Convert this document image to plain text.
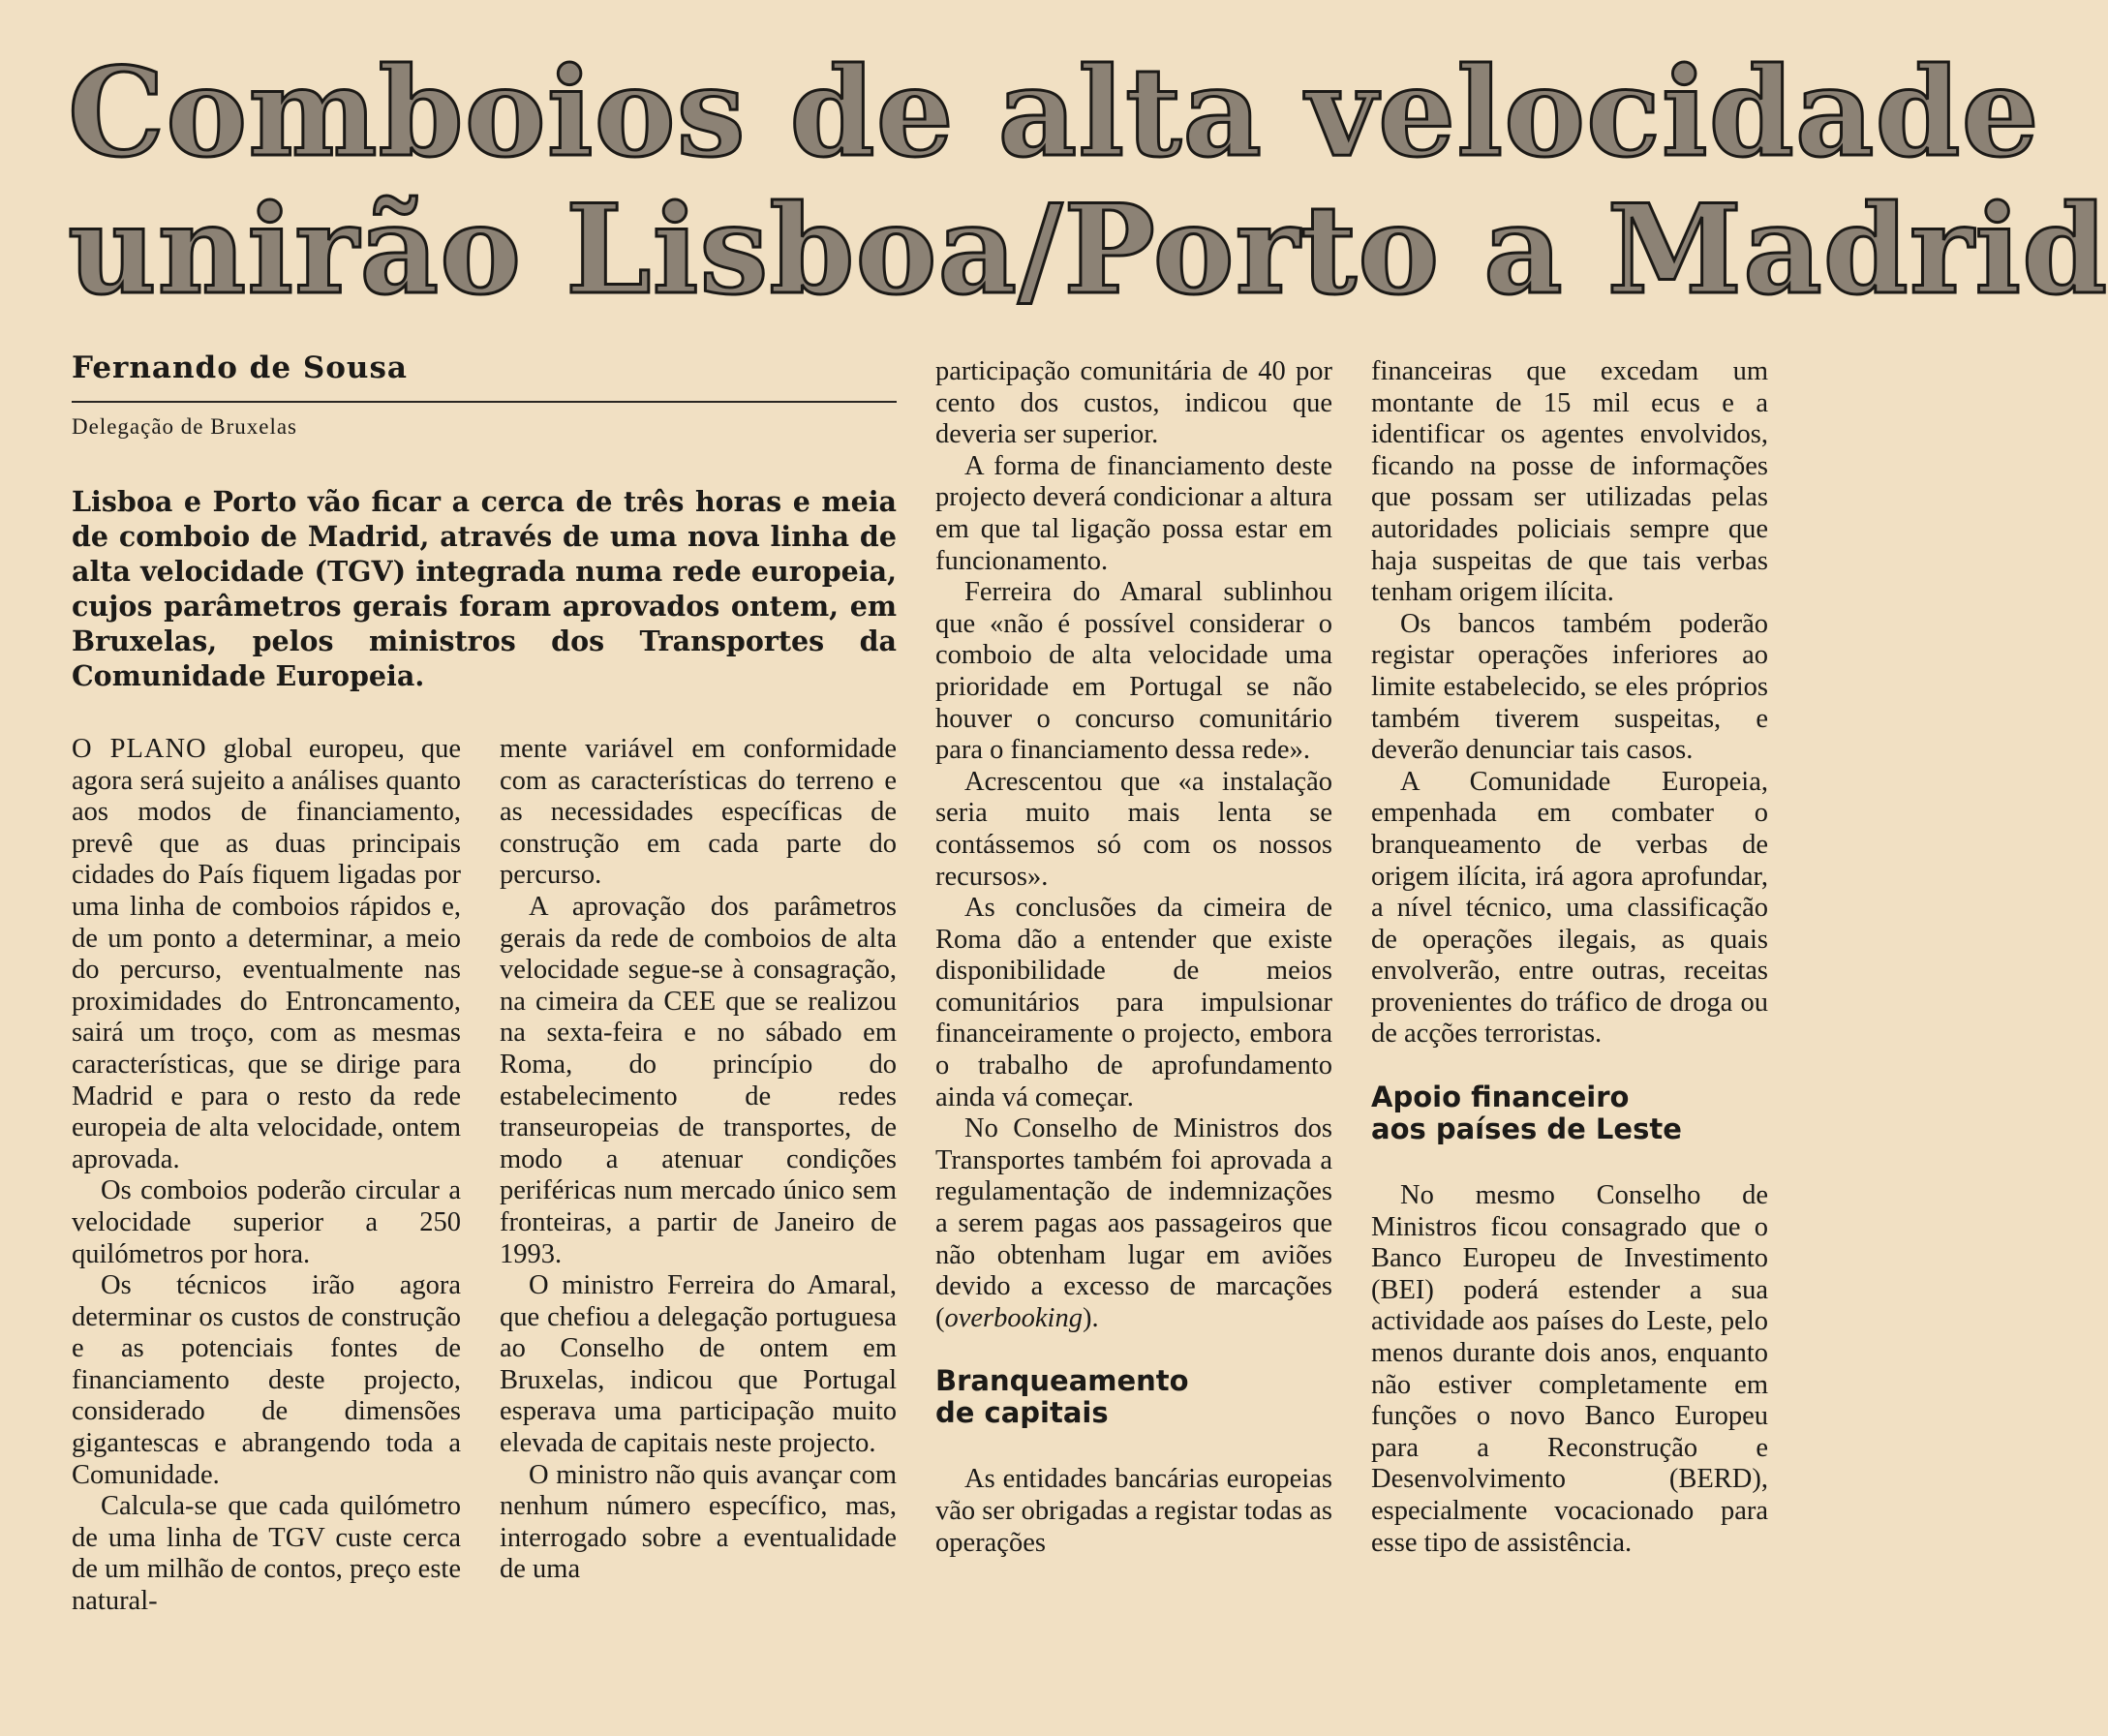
Comboios de alta velocidade
unirão Lisboa/Porto a Madrid
Fernando de Sousa
Delegação de Bruxelas

Lisboa e Porto vão ficar a cerca de três horas e meia de comboio de Madrid, através de uma nova linha de alta velocidade (TGV) integrada numa rede europeia, cujos parâmetros gerais foram aprovados ontem, em Bruxelas, pelos ministros dos Transportes da Comunidade Europeia.

O PLANO global europeu, que agora será sujeito a análises quanto aos modos de financiamento, prevê que as duas principais cidades do País fiquem ligadas por uma linha de comboios rápidos e, de um ponto a determinar, a meio do percurso, eventualmente nas proximidades do Entroncamento, sairá um troço, com as mesmas características, que se dirige para Madrid e para o resto da rede europeia de alta velocidade, ontem aprovada.

Os comboios poderão circular a velocidade superior a 250 quilómetros por hora.

Os técnicos irão agora determinar os custos de construção e as potenciais fontes de financiamento deste projecto, considerado de dimensões gigantescas e abrangendo toda a Comunidade.

Calcula-se que cada quilómetro de uma linha de TGV custe cerca de um milhão de contos, preço este natural-

mente variável em conformidade com as características do terreno e as necessidades específicas de construção em cada parte do percurso.

A aprovação dos parâmetros gerais da rede de comboios de alta velocidade segue-se à consagração, na cimeira da CEE que se realizou na sexta-feira e no sábado em Roma, do princípio do estabelecimento de redes transeuropeias de transportes, de modo a atenuar condições periféricas num mercado único sem fronteiras, a partir de Janeiro de 1993.

O ministro Ferreira do Amaral, que chefiou a delegação portuguesa ao Conselho de ontem em Bruxelas, indicou que Portugal esperava uma participação muito elevada de capitais neste projecto.

O ministro não quis avançar com nenhum número específico, mas, interrogado sobre a eventualidade de uma

participação comunitária de 40 por cento dos custos, indicou que deveria ser superior.

A forma de financiamento deste projecto deverá condicionar a altura em que tal ligação possa estar em funcionamento.

Ferreira do Amaral sublinhou que «não é possível considerar o comboio de alta velocidade uma prioridade em Portugal se não houver o concurso comunitário para o financiamento dessa rede».

Acrescentou que «a instalação seria muito mais lenta se contássemos só com os nossos recursos».

As conclusões da cimeira de Roma dão a entender que existe disponibilidade de meios comunitários para impulsionar financeiramente o projecto, embora o trabalho de aprofundamento ainda vá começar.

No Conselho de Ministros dos Transportes também foi aprovada a regulamentação de indemnizações a serem pagas aos passageiros que não obtenham lugar em aviões devido a excesso de marcações (overbooking).

Branqueamento
de capitais

As entidades bancárias europeias vão ser obrigadas a registar todas as operações

financeiras que excedam um montante de 15 mil ecus e a identificar os agentes envolvidos, ficando na posse de informações que possam ser utilizadas pelas autoridades policiais sempre que haja suspeitas de que tais verbas tenham origem ilícita.

Os bancos também poderão registar operações inferiores ao limite estabelecido, se eles próprios também tiverem suspeitas, e deverão denunciar tais casos.

A Comunidade Europeia, empenhada em combater o branqueamento de verbas de origem ilícita, irá agora aprofundar, a nível técnico, uma classificação de operações ilegais, as quais envolverão, entre outras, receitas provenientes do tráfico de droga ou de acções terroristas.

Apoio financeiro
aos países de Leste

No mesmo Conselho de Ministros ficou consagrado que o Banco Europeu de Investimento (BEI) poderá estender a sua actividade aos países do Leste, pelo menos durante dois anos, enquanto não estiver completamente em funções o novo Banco Europeu para a Reconstrução e Desenvolvimento (BERD), especialmente vocacionado para esse tipo de assistência.
